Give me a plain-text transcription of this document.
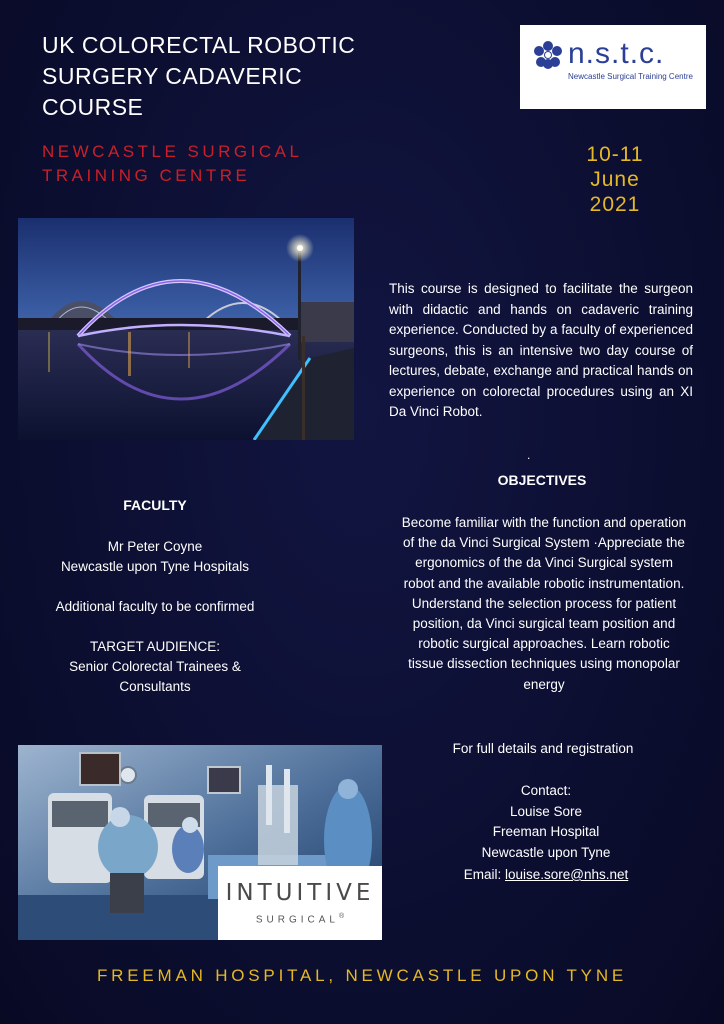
UK COLORECTAL ROBOTIC
SURGERY CADAVERIC
COURSE
NEWCASTLE SURGICAL
TRAINING CENTRE
n.s.t.c.
Newcastle Surgical Training Centre
10-11
June
2021
This course is designed to facilitate the surgeon with didactic and hands on cadaveric training experience. Conducted by a faculty of experienced surgeons, this is an intensive two day course of lectures, debate, exchange and practical hands on experience on colorectal procedures using an XI Da Vinci Robot.
.
OBJECTIVES
Become familiar with the function and operation of the da Vinci Surgical System ·Appreciate the ergonomics of the da Vinci Surgical system robot and the available robotic instrumentation. Understand the selection process for patient position, da Vinci surgical team position and robotic surgical approaches. Learn robotic tissue dissection techniques using monopolar energy
FACULTY

Mr Peter Coyne
Newcastle upon Tyne Hospitals

Additional faculty to be confirmed

TARGET AUDIENCE:
Senior Colorectal Trainees & Consultants

INTUITIVE
SURGICAL®
For full details and registration
Contact:
Louise Sore
Freeman Hospital
Newcastle upon Tyne
Email: louise.sore@nhs.net
FREEMAN HOSPITAL, NEWCASTLE UPON TYNE
